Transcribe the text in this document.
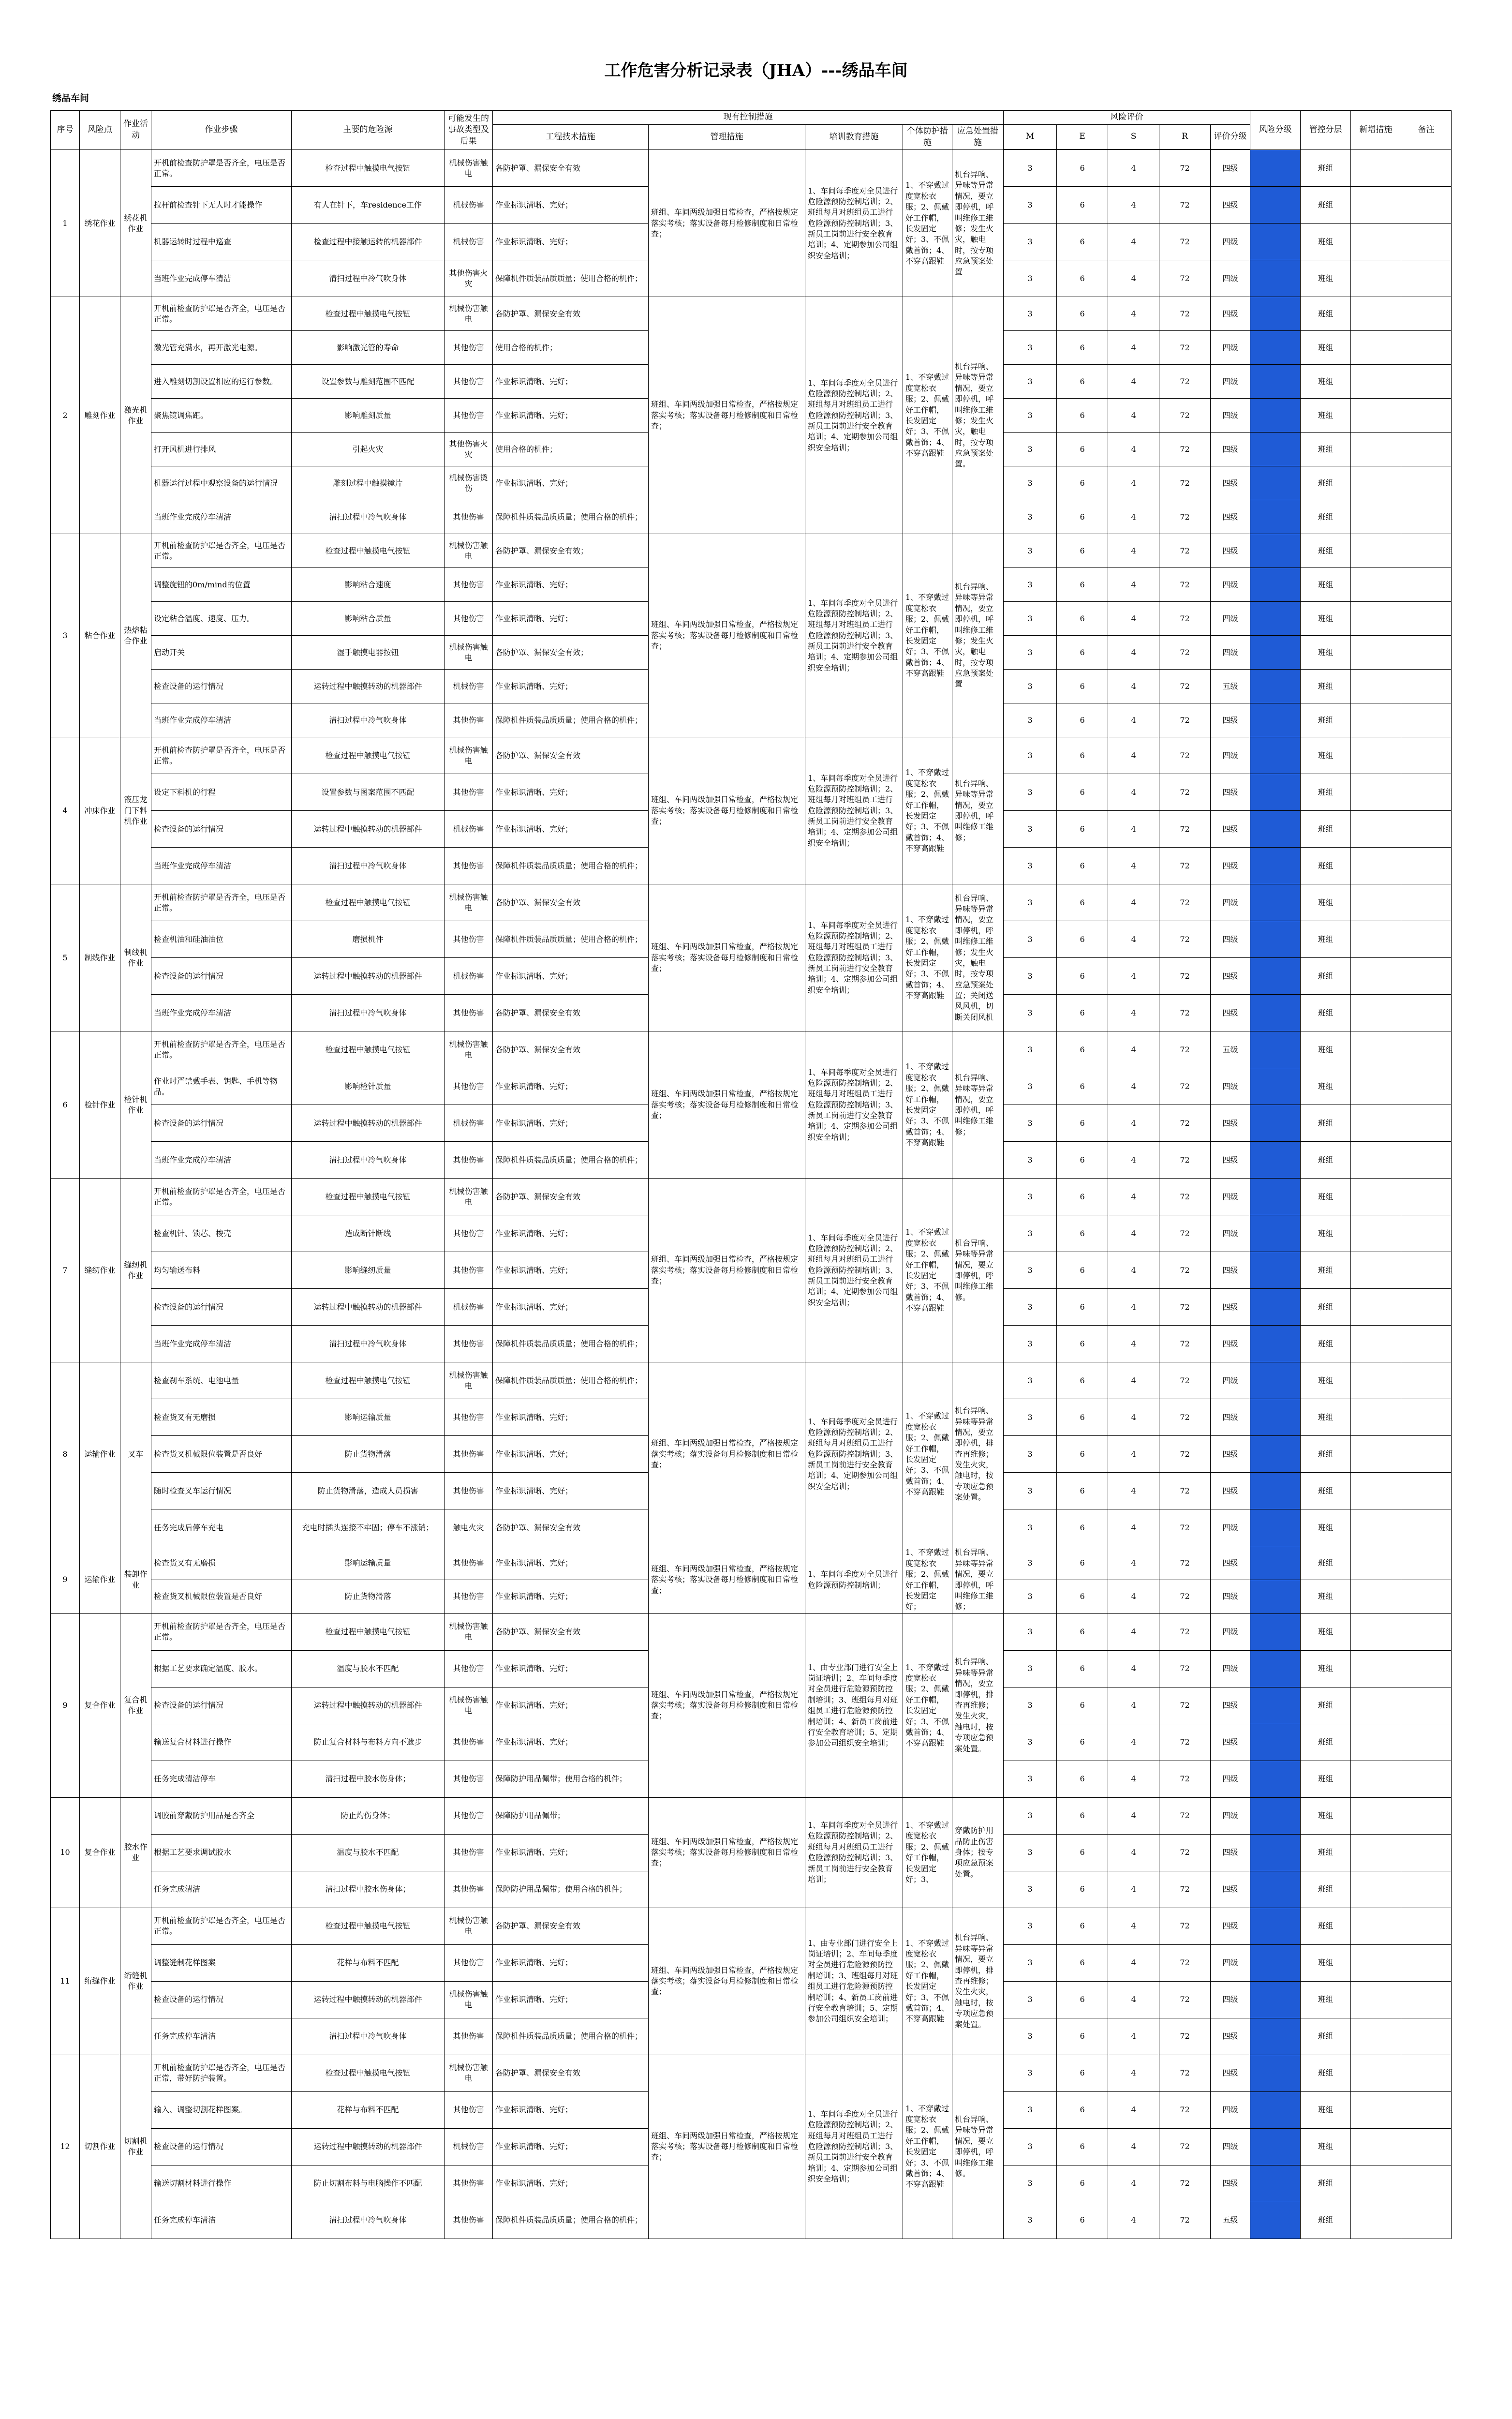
工作危害分析记录表（JHA）---绣品车间
绣品车间
序号	风险点	作业活动	作业步骤	主要的危险源	可能发生的事故类型及后果	现有控制措施					风险评价					风险分级	管控分层	新增措施	备注
						工程技术措施	管理措施	培训教育措施	个体防护措施	应急处置措施	M	E	S	R	评价分级				

1	绣花作业	绣花机作业	开机前检查防护罩是否齐全，电压是否正常。	检查过程中触摸电气按钮	机械伤害触电	各防护罩、漏保安全有效	班组、车间两级加强日常检查，严格按规定落实考核；落实设备每月检修制度和日常检查；	1、车间每季度对全员进行危险源预防控制培训；2、班组每月对班组员工进行危险源预防控制培训；3、新员工岗前进行安全教育培训；4、定期参加公司组织安全培训；	1、不穿戴过度宽松衣服；2、佩戴好工作帽，长发固定好；3、不佩戴首饰；4、不穿高跟鞋	机台异响、异味等异常情况，要立即停机，呼叫维修工维修；发生火灾，触电时，按专项应急预案处置	3	6	4	72	四级		班组		
			拉杆前检查针下无人时才能操作	有人在针下，车residence工作	机械伤害	作业标识清晰、完好；					3	6	4	72	四级		班组		
			机器运转时过程中巡查	检查过程中接触运转的机器部件	机械伤害	作业标识清晰、完好；					3	6	4	72	四级		班组		
			当班作业完成停车清洁	清扫过程中冷气吹身体	其他伤害火灾	保障机件质装品质质量；使用合格的机件；					3	6	4	72	四级		班组		
2	雕刻作业	激光机作业	开机前检查防护罩是否齐全，电压是否正常。	检查过程中触摸电气按钮	机械伤害触电	各防护罩、漏保安全有效	班组、车间两级加强日常检查，严格按规定落实考核；落实设备每月检修制度和日常检查；	1、车间每季度对全员进行危险源预防控制培训；2、班组每月对班组员工进行危险源预防控制培训；3、新员工岗前进行安全教育培训；4、定期参加公司组织安全培训；	1、不穿戴过度宽松衣服；2、佩戴好工作帽，长发固定好；3、不佩戴首饰；4、不穿高跟鞋	机台异响、异味等异常情况，要立即停机，呼叫维修工维修；发生火灾，触电时，按专项应急预案处置。	3	6	4	72	四级		班组		
			激光管充满水，再开激光电源。	影响激光管的寿命	其他伤害	使用合格的机件；					3	6	4	72	四级		班组		
			进入雕刻切割设置相应的运行参数。	设置参数与雕刻范围不匹配	其他伤害	作业标识清晰、完好；					3	6	4	72	四级		班组		
			聚焦镜调焦距。	影响雕刻质量	其他伤害	作业标识清晰、完好；					3	6	4	72	四级		班组		
			打开风机进行排风	引起火灾	其他伤害火灾	使用合格的机件；					3	6	4	72	四级		班组		
			机器运行过程中观察设备的运行情况	雕刻过程中触摸镜片	机械伤害烫伤	作业标识清晰、完好；					3	6	4	72	四级		班组		
			当班作业完成停车清洁	清扫过程中冷气吹身体	其他伤害	保障机件质装品质质量；使用合格的机件；					3	6	4	72	四级		班组		
3	粘合作业	热熔粘合作业	开机前检查防护罩是否齐全，电压是否正常。	检查过程中触摸电气按钮	机械伤害触电	各防护罩、漏保安全有效；	班组、车间两级加强日常检查，严格按规定落实考核；落实设备每月检修制度和日常检查；	1、车间每季度对全员进行危险源预防控制培训；2、班组每月对班组员工进行危险源预防控制培训；3、新员工岗前进行安全教育培训；4、定期参加公司组织安全培训；	1、不穿戴过度宽松衣服；2、佩戴好工作帽，长发固定好；3、不佩戴首饰；4、不穿高跟鞋	机台异响、异味等异常情况，要立即停机，呼叫维修工维修；发生火灾，触电时，按专项应急预案处置	3	6	4	72	四级		班组		
			调整旋钮的0m/mind的位置	影响粘合速度	其他伤害	作业标识清晰、完好；					3	6	4	72	四级		班组		
			设定粘合温度、速度、压力。	影响粘合质量	其他伤害	作业标识清晰、完好；					3	6	4	72	四级		班组		
			启动开关	湿手触摸电器按钮	机械伤害触电	各防护罩、漏保安全有效；					3	6	4	72	四级		班组		
			检查设备的运行情况	运转过程中触摸转动的机器部件	机械伤害	作业标识清晰、完好；					3	6	4	72	五级		班组		
			当班作业完成停车清洁	清扫过程中冷气吹身体	其他伤害	保障机件质装品质质量；使用合格的机件；					3	6	4	72	四级		班组		
4	冲床作业	液压龙门下料机作业	开机前检查防护罩是否齐全，电压是否正常。	检查过程中触摸电气按钮	机械伤害触电	各防护罩、漏保安全有效	班组、车间两级加强日常检查，严格按规定落实考核；落实设备每月检修制度和日常检查；	1、车间每季度对全员进行危险源预防控制培训；2、班组每月对班组员工进行危险源预防控制培训；3、新员工岗前进行安全教育培训；4、定期参加公司组织安全培训；	1、不穿戴过度宽松衣服；2、佩戴好工作帽，长发固定好；3、不佩戴首饰；4、不穿高跟鞋	机台异响、异味等异常情况，要立即停机，呼叫维修工维修；	3	6	4	72	四级		班组		
			设定下料机的行程	设置参数与图案范围不匹配	其他伤害	作业标识清晰、完好；					3	6	4	72	四级		班组		
			检查设备的运行情况	运转过程中触摸转动的机器部件	机械伤害	作业标识清晰、完好；					3	6	4	72	四级		班组		
			当班作业完成停车清洁	清扫过程中冷气吹身体	其他伤害	保障机件质装品质质量；使用合格的机件；					3	6	4	72	四级		班组		
5	制线作业	制线机作业	开机前检查防护罩是否齐全，电压是否正常。	检查过程中触摸电气按钮	机械伤害触电	各防护罩、漏保安全有效	班组、车间两级加强日常检查，严格按规定落实考核；落实设备每月检修制度和日常检查；	1、车间每季度对全员进行危险源预防控制培训；2、班组每月对班组员工进行危险源预防控制培训；3、新员工岗前进行安全教育培训；4、定期参加公司组织安全培训；	1、不穿戴过度宽松衣服；2、佩戴好工作帽，长发固定好；3、不佩戴首饰；4、不穿高跟鞋	机台异响、异味等异常情况，要立即停机，呼叫维修工维修；发生火灾，触电时，按专项应急预案处置；关闭送风风机，切断关闭风机	3	6	4	72	四级		班组		
			检查机油和硅油油位	磨损机件	其他伤害	保障机件质装品质质量；使用合格的机件；					3	6	4	72	四级		班组		
			检查设备的运行情况	运转过程中触摸转动的机器部件	机械伤害	作业标识清晰、完好；					3	6	4	72	四级		班组		
			当班作业完成停车清洁	清扫过程中冷气吹身体	其他伤害	各防护罩、漏保安全有效					3	6	4	72	四级		班组		
6	检针作业	检针机作业	开机前检查防护罩是否齐全，电压是否正常。	检查过程中触摸电气按钮	机械伤害触电	各防护罩、漏保安全有效	班组、车间两级加强日常检查，严格按规定落实考核；落实设备每月检修制度和日常检查；	1、车间每季度对全员进行危险源预防控制培训；2、班组每月对班组员工进行危险源预防控制培训；3、新员工岗前进行安全教育培训；4、定期参加公司组织安全培训；	1、不穿戴过度宽松衣服；2、佩戴好工作帽，长发固定好；3、不佩戴首饰；4、不穿高跟鞋	机台异响、异味等异常情况，要立即停机，呼叫维修工维修；	3	6	4	72	五级		班组		
			作业时严禁戴手表、钥匙、手机等物品。	影响检针质量	其他伤害	作业标识清晰、完好；					3	6	4	72	四级		班组		
			检查设备的运行情况	运转过程中触摸转动的机器部件	机械伤害	作业标识清晰、完好；					3	6	4	72	四级		班组		
			当班作业完成停车清洁	清扫过程中冷气吹身体	其他伤害	保障机件质装品质质量；使用合格的机件；					3	6	4	72	四级		班组		
7	缝纫作业	缝纫机作业	开机前检查防护罩是否齐全，电压是否正常。	检查过程中触摸电气按钮	机械伤害触电	各防护罩、漏保安全有效	班组、车间两级加强日常检查，严格按规定落实考核；落实设备每月检修制度和日常检查；	1、车间每季度对全员进行危险源预防控制培训；2、班组每月对班组员工进行危险源预防控制培训；3、新员工岗前进行安全教育培训；4、定期参加公司组织安全培训；	1、不穿戴过度宽松衣服；2、佩戴好工作帽，长发固定好；3、不佩戴首饰；4、不穿高跟鞋	机台异响、异味等异常情况，要立即停机，呼叫维修工维修。	3	6	4	72	四级		班组		
			检查机针、锁芯、梭壳	造成断针断线	其他伤害	作业标识清晰、完好；					3	6	4	72	四级		班组		
			均匀输送布料	影响缝纫质量	其他伤害	作业标识清晰、完好；					3	6	4	72	四级		班组		
			检查设备的运行情况	运转过程中触摸转动的机器部件	机械伤害	作业标识清晰、完好；					3	6	4	72	四级		班组		
			当班作业完成停车清洁	清扫过程中冷气吹身体	其他伤害	保障机件质装品质质量；使用合格的机件；					3	6	4	72	四级		班组		
8	运输作业	叉车	检查刹车系统、电池电量	检查过程中触摸电气按钮	机械伤害触电	保障机件质装品质质量；使用合格的机件；	班组、车间两级加强日常检查，严格按规定落实考核；落实设备每月检修制度和日常检查；	1、车间每季度对全员进行危险源预防控制培训；2、班组每月对班组员工进行危险源预防控制培训；3、新员工岗前进行安全教育培训；4、定期参加公司组织安全培训；	1、不穿戴过度宽松衣服；2、佩戴好工作帽，长发固定好；3、不佩戴首饰；4、不穿高跟鞋	机台异响、异味等异常情况，要立即停机，排查再维修；发生火灾，触电时，按专项应急预案处置。	3	6	4	72	四级		班组		
			检查货叉有无磨损	影响运输质量	其他伤害	作业标识清晰、完好；					3	6	4	72	四级		班组		
			检查货叉机械限位装置是否良好	防止货物滑落	其他伤害	作业标识清晰、完好；					3	6	4	72	四级		班组		
			随时检查叉车运行情况	防止货物滑落，造成人员损害	其他伤害	作业标识清晰、完好；					3	6	4	72	四级		班组		
			任务完成后停车充电	充电时插头连接不牢固；停车不涨销；	触电火灾	各防护罩、漏保安全有效					3	6	4	72	四级		班组		
9	运输作业	装卸作业	检查货叉有无磨损	影响运输质量	其他伤害	作业标识清晰、完好；	班组、车间两级加强日常检查，严格按规定落实考核；落实设备每月检修制度和日常检查；	1、车间每季度对全员进行危险源预防控制培训；	1、不穿戴过度宽松衣服；2、佩戴好工作帽，长发固定好；	机台异响、异味等异常情况，要立即停机，呼叫维修工维修；	3	6	4	72	四级		班组		
			检查货叉机械限位装置是否良好	防止货物滑落	其他伤害	作业标识清晰、完好；					3	6	4	72	四级		班组		
9	复合作业	复合机作业	开机前检查防护罩是否齐全，电压是否正常。	检查过程中触摸电气按钮	机械伤害触电	各防护罩、漏保安全有效	班组、车间两级加强日常检查，严格按规定落实考核；落实设备每月检修制度和日常检查；	1、由专业部门进行安全上岗证培训；2、车间每季度对全员进行危险源预防控制培训；3、班组每月对班组员工进行危险源预防控制培训；4、新员工岗前进行安全教育培训；5、定期参加公司组织安全培训；	1、不穿戴过度宽松衣服；2、佩戴好工作帽，长发固定好；3、不佩戴首饰；4、不穿高跟鞋	机台异响、异味等异常情况，要立即停机，排查再维修；发生火灾，触电时，按专项应急预案处置。	3	6	4	72	四级		班组		
			根据工艺要求确定温度、胶水。	温度与胶水不匹配	其他伤害	作业标识清晰、完好；					3	6	4	72	四级		班组		
			检查设备的运行情况	运转过程中触摸转动的机器部件	机械伤害触电	作业标识清晰、完好；					3	6	4	72	四级		班组		
			输送复合材料进行操作	防止复合材料与布料方向不遗步	其他伤害	作业标识清晰、完好；					3	6	4	72	四级		班组		
			任务完成清洁停车	清扫过程中胶水伤身体；	其他伤害	保障防护用品佩带；使用合格的机件；					3	6	4	72	四级		班组		
10	复合作业	胶水作业	调胶前穿戴防护用品是否齐全	防止灼伤身体；	其他伤害	保障防护用品佩带；	班组、车间两级加强日常检查，严格按规定落实考核；落实设备每月检修制度和日常检查；	1、车间每季度对全员进行危险源预防控制培训；2、班组每月对班组员工进行危险源预防控制培训；3、新员工岗前进行安全教育培训；	1、不穿戴过度宽松衣服；2、佩戴好工作帽，长发固定好；3、	穿戴防护用品防止伤害身体；按专项应急预案处置。	3	6	4	72	四级		班组		
			根据工艺要求调试胶水	温度与胶水不匹配	其他伤害	作业标识清晰、完好；					3	6	4	72	四级		班组		
			任务完成清洁	清扫过程中胶水伤身体；	其他伤害	保障防护用品佩带；使用合格的机件；					3	6	4	72	四级		班组		
11	绗缝作业	绗缝机作业	开机前检查防护罩是否齐全，电压是否正常。	检查过程中触摸电气按钮	机械伤害触电	各防护罩、漏保安全有效	班组、车间两级加强日常检查，严格按规定落实考核；落实设备每月检修制度和日常检查；	1、由专业部门进行安全上岗证培训；2、车间每季度对全员进行危险源预防控制培训；3、班组每月对班组员工进行危险源预防控制培训；4、新员工岗前进行安全教育培训；5、定期参加公司组织安全培训；	1、不穿戴过度宽松衣服；2、佩戴好工作帽，长发固定好；3、不佩戴首饰；4、不穿高跟鞋	机台异响、异味等异常情况，要立即停机，排查再维修；发生火灾，触电时，按专项应急预案处置。	3	6	4	72	四级		班组		
			调整缝制花样图案	花样与布料不匹配	其他伤害	作业标识清晰、完好；					3	6	4	72	四级		班组		
			检查设备的运行情况	运转过程中触摸转动的机器部件	机械伤害触电	作业标识清晰、完好；					3	6	4	72	四级		班组		
			任务完成停车清洁	清扫过程中冷气吹身体	其他伤害	保障机件质装品质质量；使用合格的机件；					3	6	4	72	四级		班组		
12	切割作业	切割机作业	开机前检查防护罩是否齐全，电压是否正常，带好防护装置。	检查过程中触摸电气按钮	机械伤害触电	各防护罩、漏保安全有效	班组、车间两级加强日常检查，严格按规定落实考核；落实设备每月检修制度和日常检查；	1、车间每季度对全员进行危险源预防控制培训；2、班组每月对班组员工进行危险源预防控制培训；3、新员工岗前进行安全教育培训；4、定期参加公司组织安全培训；	1、不穿戴过度宽松衣服；2、佩戴好工作帽，长发固定好；3、不佩戴首饰；4、不穿高跟鞋	机台异响、异味等异常情况，要立即停机，呼叫维修工维修。	3	6	4	72	四级		班组		
			输入、调整切割花样图案。	花样与布料不匹配	其他伤害	作业标识清晰、完好；					3	6	4	72	四级		班组		
			检查设备的运行情况	运转过程中触摸转动的机器部件	机械伤害	作业标识清晰、完好；					3	6	4	72	四级		班组		
			输送切割材料进行操作	防止切割布料与电脑操作不匹配	其他伤害	作业标识清晰、完好；					3	6	4	72	四级		班组		
			任务完成停车清洁	清扫过程中冷气吹身体	其他伤害	保障机件质装品质质量；使用合格的机件；					3	6	4	72	五级		班组		
